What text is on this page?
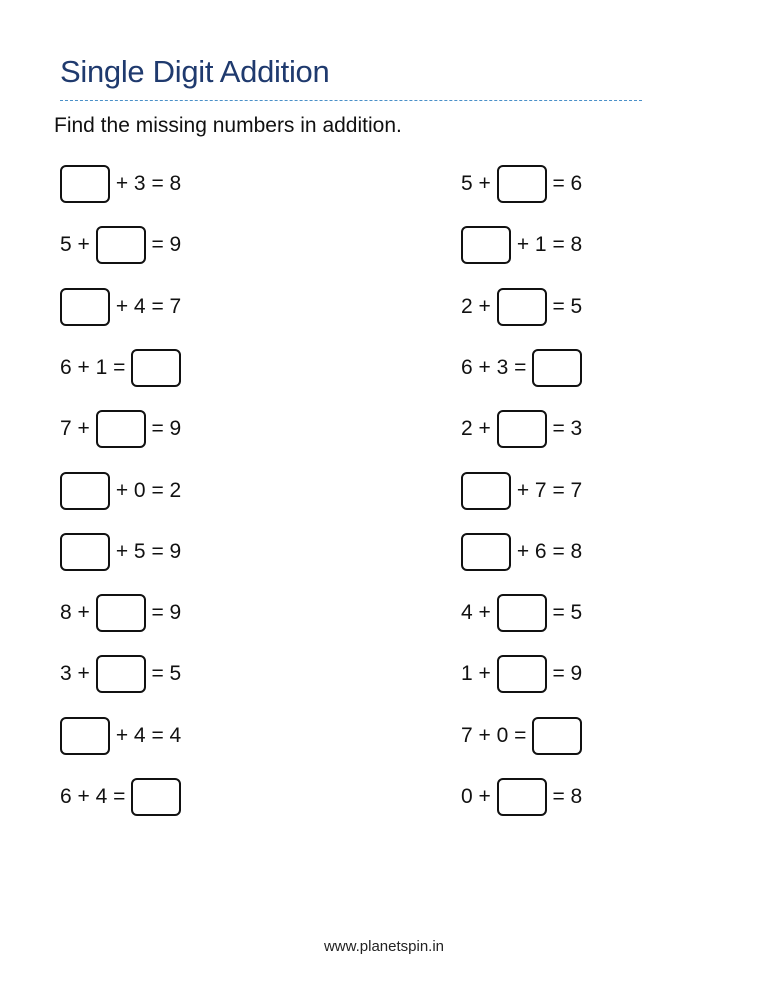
Single Digit Addition

Find the missing numbers in addition.

+ 3 = 8
5 + = 9
+ 4 = 7
6 + 1 =
7 + = 9
+ 0 = 2
+ 5 = 9
8 + = 9
3 + = 5
+ 4 = 4
6 + 4 =
5 + = 6
+ 1 = 8
2 + = 5
6 + 3 =
2 + = 3
+ 7 = 7
+ 6 = 8
4 + = 5
1 + = 9
7 + 0 =
0 + = 8
www.planetspin.in
